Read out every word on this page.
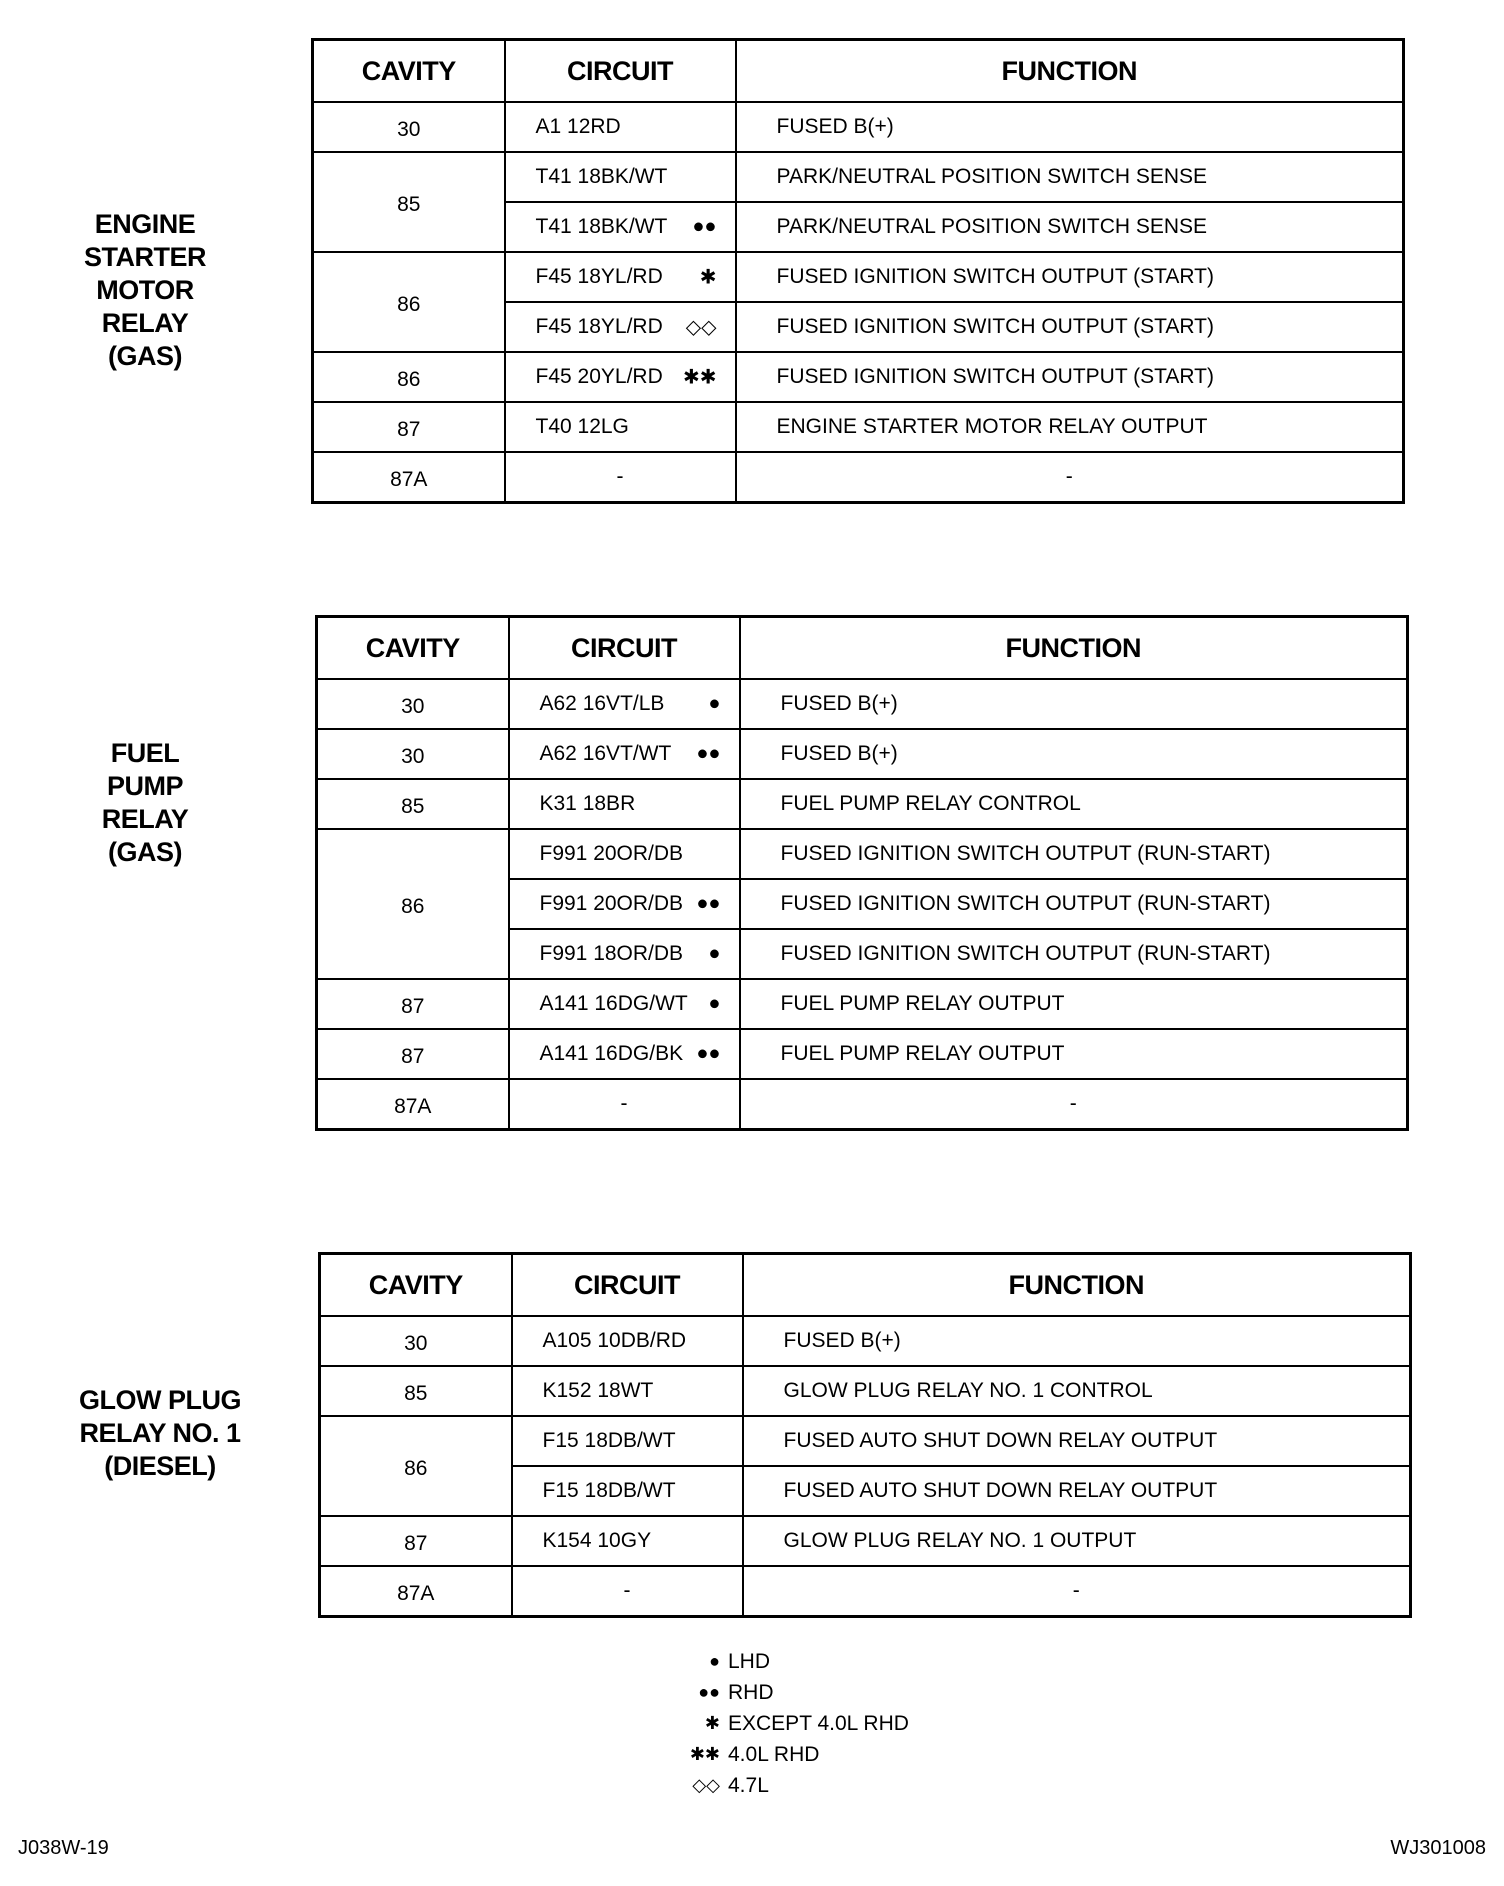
ENGINE
STARTER
MOTOR
RELAY
(GAS)
CAVITY	CIRCUIT	FUNCTION
30	A1 12RD	FUSED B(+)
85	T41 18BK/WT	PARK/NEUTRAL POSITION SWITCH SENSE
	T41 18BK/WT ●●	PARK/NEUTRAL POSITION SWITCH SENSE
86	F45 18YL/RD ✱	FUSED IGNITION SWITCH OUTPUT (START)
	F45 18YL/RD ◇◇	FUSED IGNITION SWITCH OUTPUT (START)
86	F45 20YL/RD ✱✱	FUSED IGNITION SWITCH OUTPUT (START)
87	T40 12LG	ENGINE STARTER MOTOR RELAY OUTPUT
87A	-	-
FUEL
PUMP
RELAY
(GAS)
CAVITY	CIRCUIT	FUNCTION
30	A62 16VT/LB ●	FUSED B(+)
30	A62 16VT/WT ●●	FUSED B(+)
85	K31 18BR	FUEL PUMP RELAY CONTROL
86	F991 20OR/DB	FUSED IGNITION SWITCH OUTPUT (RUN-START)
	F991 20OR/DB ●●	FUSED IGNITION SWITCH OUTPUT (RUN-START)
	F991 18OR/DB ●	FUSED IGNITION SWITCH OUTPUT (RUN-START)
87	A141 16DG/WT ●	FUEL PUMP RELAY OUTPUT
87	A141 16DG/BK ●●	FUEL PUMP RELAY OUTPUT
87A	-	-
GLOW PLUG
RELAY NO. 1
(DIESEL)
CAVITY	CIRCUIT	FUNCTION
30	A105 10DB/RD	FUSED B(+)
85	K152 18WT	GLOW PLUG RELAY NO. 1 CONTROL
86	F15 18DB/WT	FUSED AUTO SHUT DOWN RELAY OUTPUT
	F15 18DB/WT	FUSED AUTO SHUT DOWN RELAY OUTPUT
87	K154 10GY	GLOW PLUG RELAY NO. 1 OUTPUT
87A	-	-
● LHD
●● RHD
✱ EXCEPT 4.0L RHD
✱✱ 4.0L RHD
◇◇ 4.7L
J038W-19	WJ301008
